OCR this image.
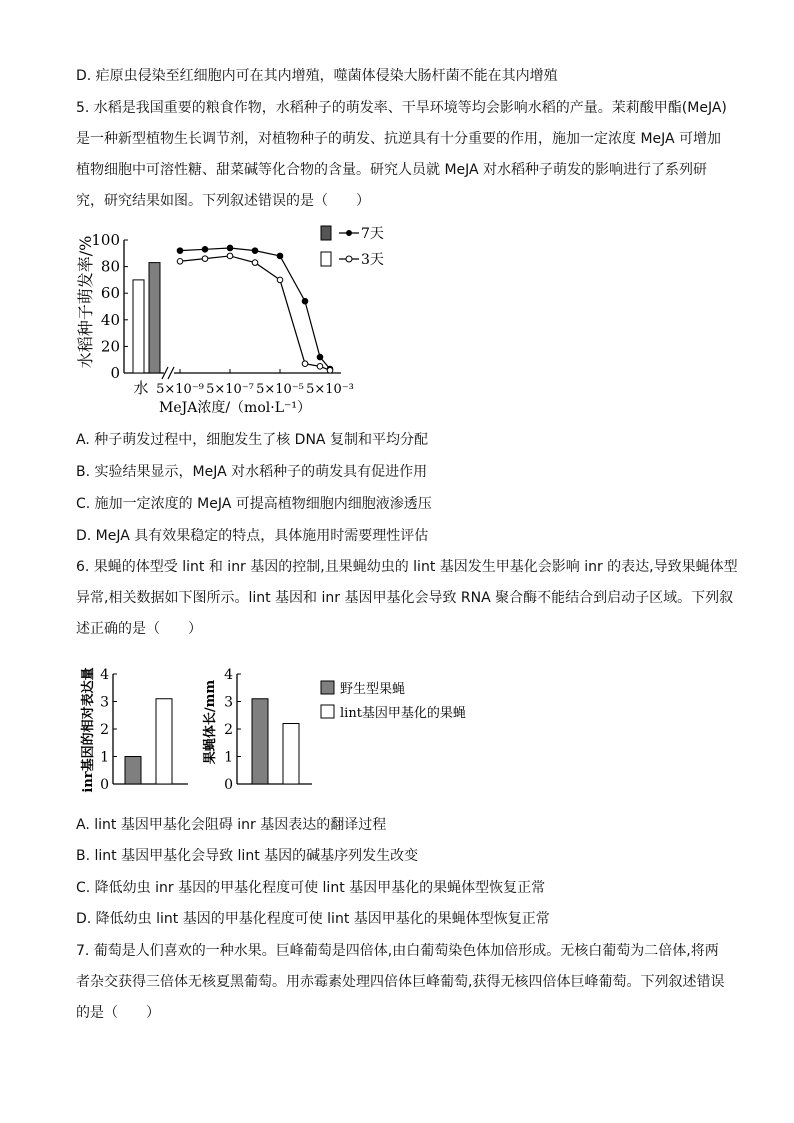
D. 疟原虫侵染至红细胞内可在其内增殖，噬菌体侵染大肠杆菌不能在其内增殖
5. 水稻是我国重要的粮食作物，水稻种子的萌发率、干旱环境等均会影响水稻的产量。茉莉酸甲酯(MeJA)
是一种新型植物生长调节剂，对植物种子的萌发、抗逆具有十分重要的作用，施加一定浓度 MeJA 可增加
植物细胞中可溶性糖、甜菜碱等化合物的含量。研究人员就 MeJA 对水稻种子萌发的影响进行了系列研
究，研究结果如图。下列叙述错误的是（　　）
水稻种子萌发率/%
0
20
40
60
80
100
水 5×10⁻⁹ 5×10⁻⁷ 5×10⁻⁵ 5×10⁻³
7天
3天
MeJA浓度/（mol·L⁻¹）
A. 种子萌发过程中，细胞发生了核 DNA 复制和平均分配
B. 实验结果显示，MeJA 对水稻种子的萌发具有促进作用
C. 施加一定浓度的 MeJA 可提高植物细胞内细胞液渗透压
D. MeJA 具有效果稳定的特点，具体施用时需要理性评估
6. 果蝇的体型受 lint 和 inr 基因的控制,且果蝇幼虫的 lint 基因发生甲基化会影响 inr 的表达,导致果蝇体型
异常,相关数据如下图所示。lint 基因和 inr 基因甲基化会导致 RNA 聚合酶不能结合到启动子区域。下列叙
述正确的是（　　）
inr基因的相对表达量 0
1
2
3
4
果蝇体长/mm
0
1
2
3
4
野生型果蝇
lint基因甲基化的果蝇
A. lint 基因甲基化会阻碍 inr 基因表达的翻译过程
B. lint 基因甲基化会导致 lint 基因的碱基序列发生改变
C. 降低幼虫 inr 基因的甲基化程度可使 lint 基因甲基化的果蝇体型恢复正常
D. 降低幼虫 lint 基因的甲基化程度可使 lint 基因甲基化的果蝇体型恢复正常
7. 葡萄是人们喜欢的一种水果。巨峰葡萄是四倍体,由白葡萄染色体加倍形成。无核白葡萄为二倍体,将两
者杂交获得三倍体无核夏黑葡萄。用赤霉素处理四倍体巨峰葡萄,获得无核四倍体巨峰葡萄。下列叙述错误
的是（　　）
